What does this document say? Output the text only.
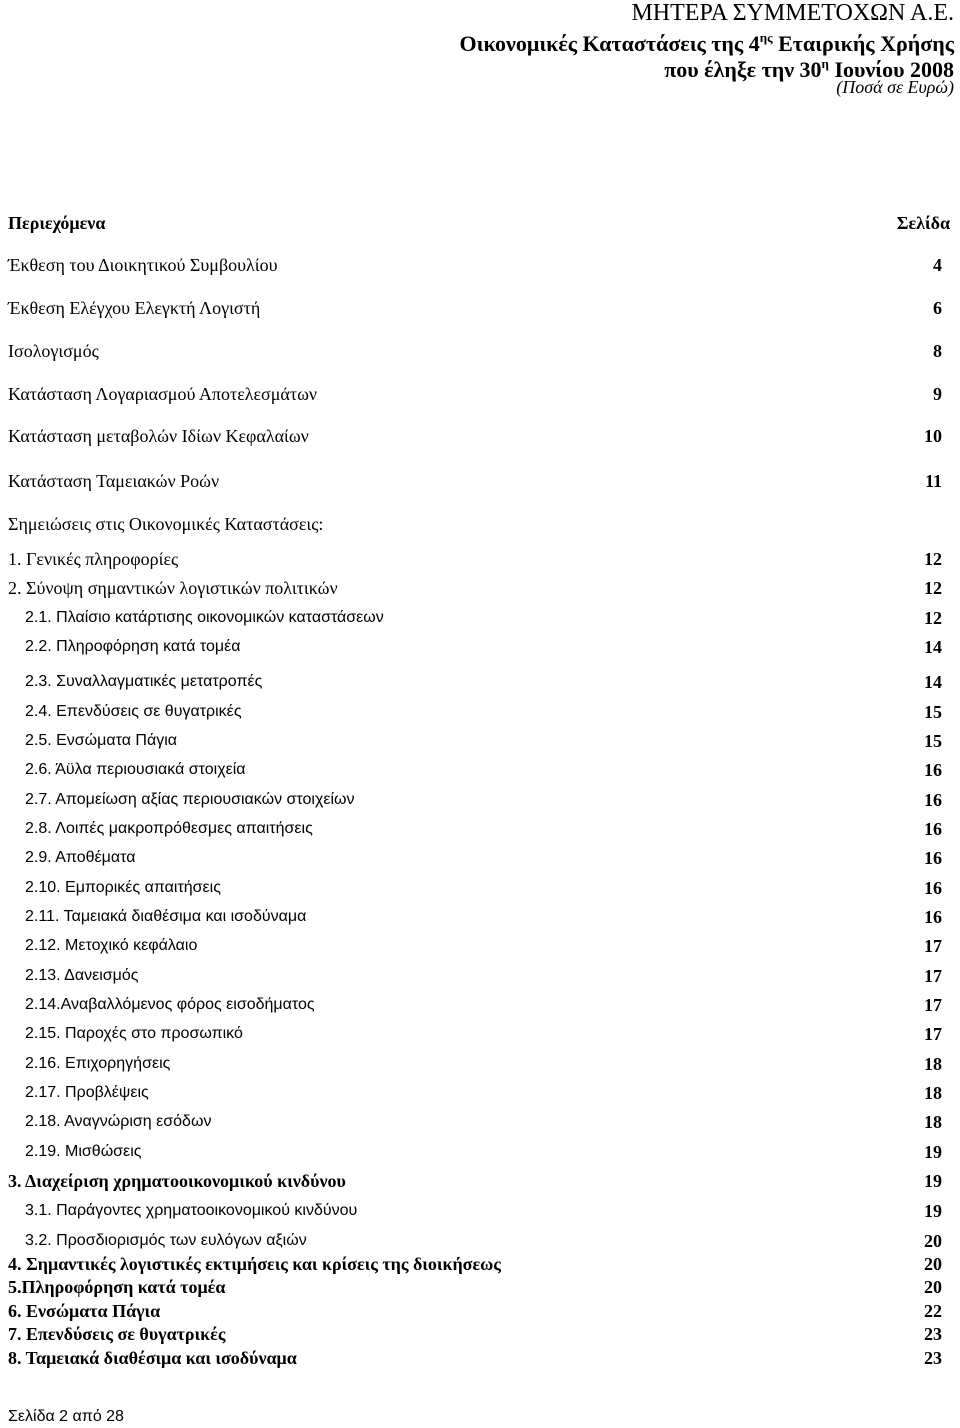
ΜΗΤΕΡΑ ΣΥΜΜΕΤΟΧΩΝ Α.Ε.
Οικονομικές Καταστάσεις της $4^{\eta\varsigma}$ Εταιρικής Χρήσης
που έληξε την $30^\eta$ Ιουνίου 2008
(Ποσά σε Ευρώ)
Περιεχόμενα	Σελίδα
Έκθεση του Διοικητικού Συμβουλίου	4
Έκθεση Ελέγχου Ελεγκτή Λογιστή	6
Ισολογισμός	8
Κατάσταση Λογαριασμού Αποτελεσμάτων	9
Κατάσταση μεταβολών Ιδίων Κεφαλαίων	10
Κατάσταση Ταμειακών Ροών	11
Σημειώσεις στις Οικονομικές Καταστάσεις:
1. Γενικές πληροφορίες	12
2. Σύνοψη σημαντικών λογιστικών πολιτικών	12
2.1. Πλαίσιο κατάρτισης οικονομικών καταστάσεων	12
2.2. Πληροφόρηση κατά τομέα	14
2.3. Συναλλαγματικές μετατροπές	14
2.4. Επενδύσεις σε θυγατρικές	15
2.5. Ενσώματα Πάγια	15
2.6. Άϋλα περιουσιακά στοιχεία	16
2.7. Απομείωση αξίας περιουσιακών στοιχείων	16
2.8. Λοιπές μακροπρόθεσμες απαιτήσεις	16
2.9. Αποθέματα	16
2.10. Εμπορικές απαιτήσεις	16
2.11. Ταμειακά διαθέσιμα και ισοδύναμα	16
2.12. Μετοχικό κεφάλαιο	17
2.13. Δανεισμός	17
2.14.Αναβαλλόμενος φόρος εισοδήματος	17
2.15. Παροχές στο προσωπικό	17
2.16. Επιχορηγήσεις	18
2.17. Προβλέψεις	18
2.18. Αναγνώριση εσόδων	18
2.19. Μισθώσεις	19
3. Διαχείριση χρηματοοικονομικού κινδύνου	19
3.1. Παράγοντες χρηματοοικονομικού κινδύνου	19
3.2. Προσδιορισμός των ευλόγων αξιών	20
4. Σημαντικές λογιστικές εκτιμήσεις και κρίσεις της διοικήσεως	20
5.Πληροφόρηση κατά τομέα	20
6. Ενσώματα Πάγια	22
7. Επενδύσεις σε θυγατρικές	23
8. Ταμειακά διαθέσιμα και ισοδύναμα	23
Σελίδα 2 από 28
